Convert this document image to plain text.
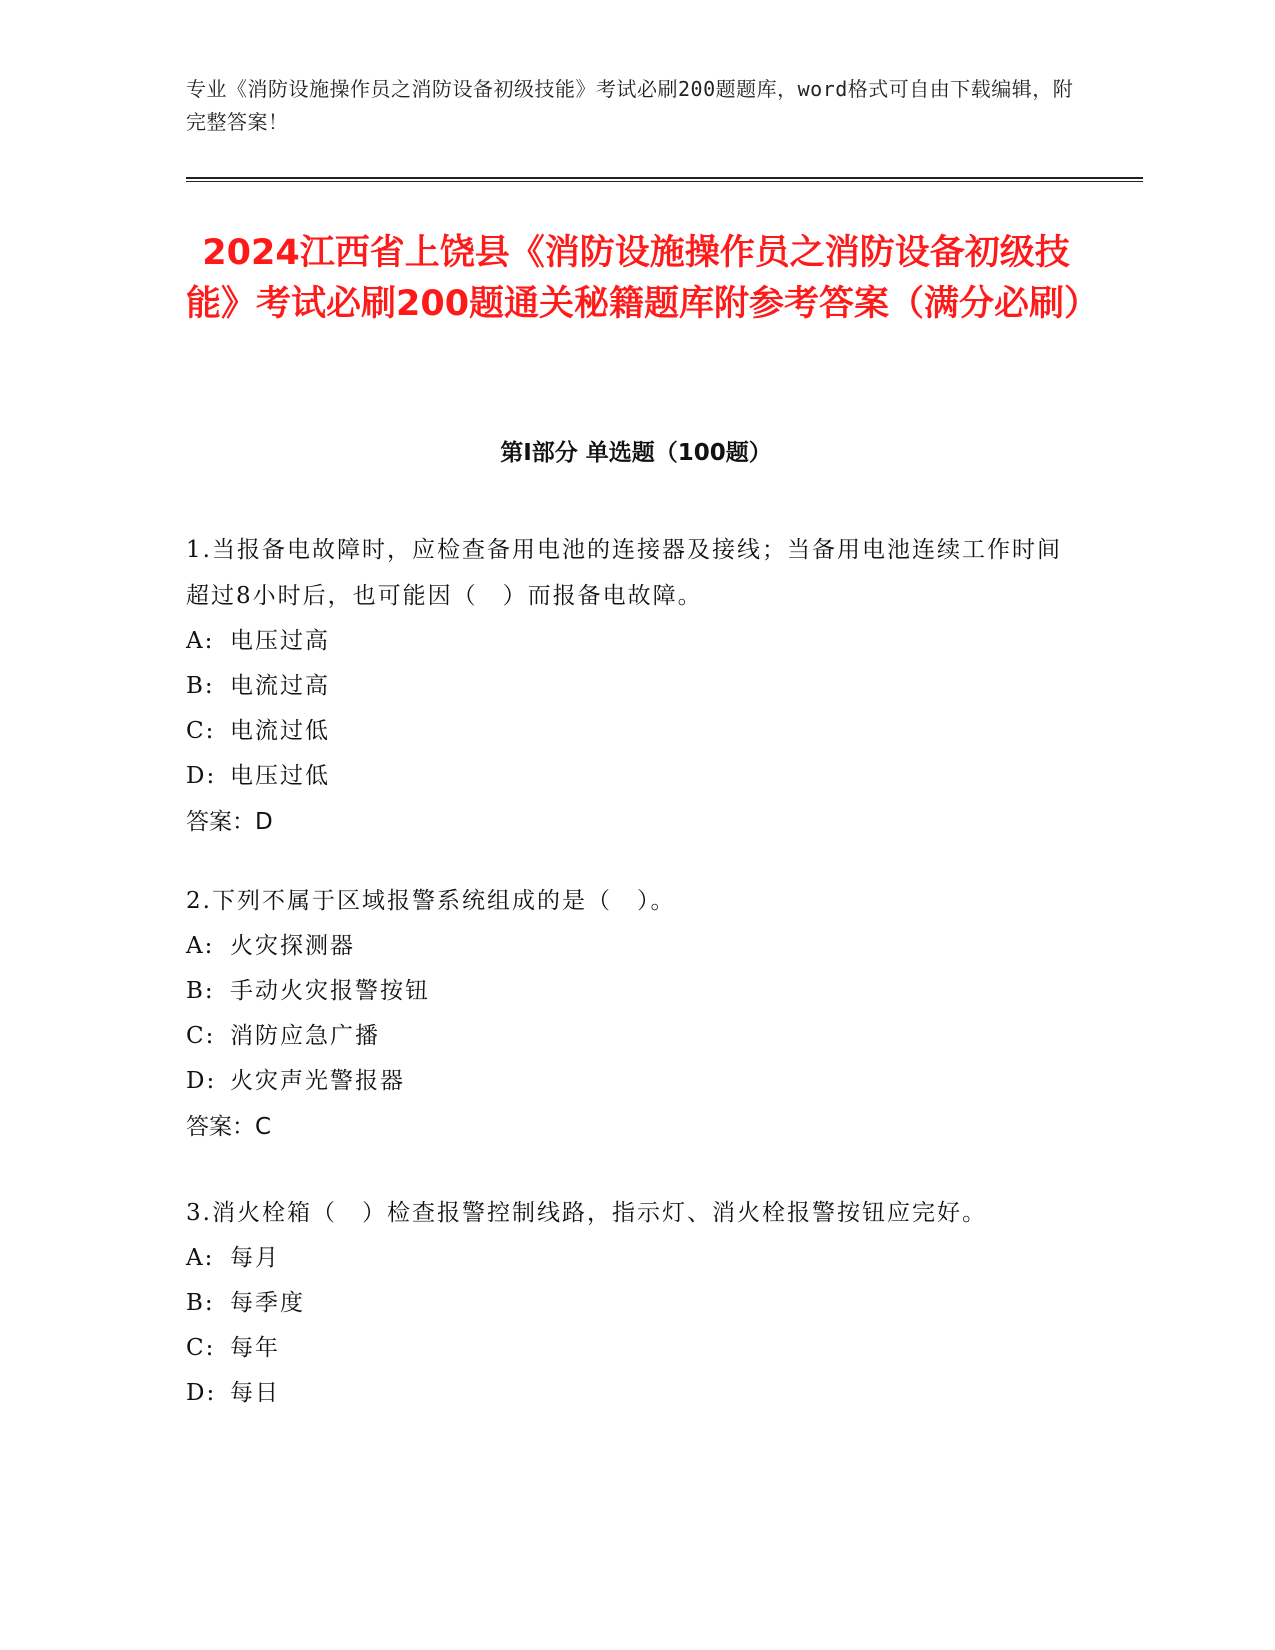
专业《消防设施操作员之消防设备初级技能》考试必刷200题题库，word格式可自由下载编辑，附完整答案！
2024江西省上饶县《消防设施操作员之消防设备初级技能》考试必刷200题通关秘籍题库附参考答案（满分必刷）
第Ⅰ部分 单选题（100题）

1.当报备电故障时，应检查备用电池的连接器及接线；当备用电池连续工作时间超过8小时后，也可能因（　）而报备电故障。

A: 电压过高

B: 电流过高

C: 电流过低

D: 电压过低

答案：D

2.下列不属于区域报警系统组成的是（　）。

A: 火灾探测器

B: 手动火灾报警按钮

C: 消防应急广播

D: 火灾声光警报器

答案：C

3.消火栓箱（　）检查报警控制线路，指示灯、消火栓报警按钮应完好。

A: 每月

B: 每季度

C: 每年

D: 每日
